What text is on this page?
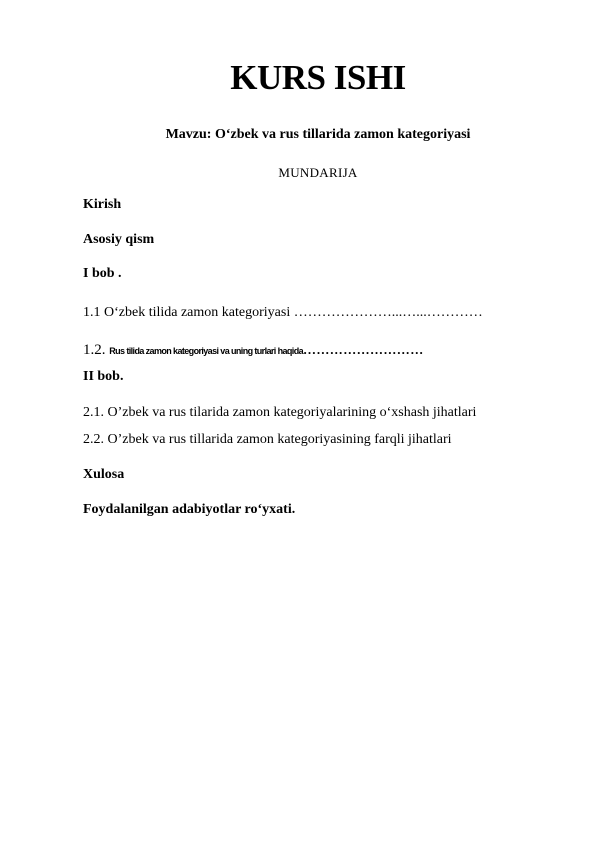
KURS ISHI
Mavzu: O‘zbek va rus tillarida zamon kategoriyasi
MUNDARIJA
Kirish
Asosiy qism
I bob .
1.1 O‘zbek tilida zamon kategoriyasi …………………...…...…………
1.2. Rus tilida zamon kategoriyasi va uning turlari haqida………………………
II bob.
2.1. O’zbek va rus tilarida zamon kategoriyalarining o‘xshash jihatlari
2.2. O’zbek va rus tillarida zamon kategoriyasining farqli jihatlari
Xulosa
Foydalanilgan adabiyotlar ro‘yxati.
